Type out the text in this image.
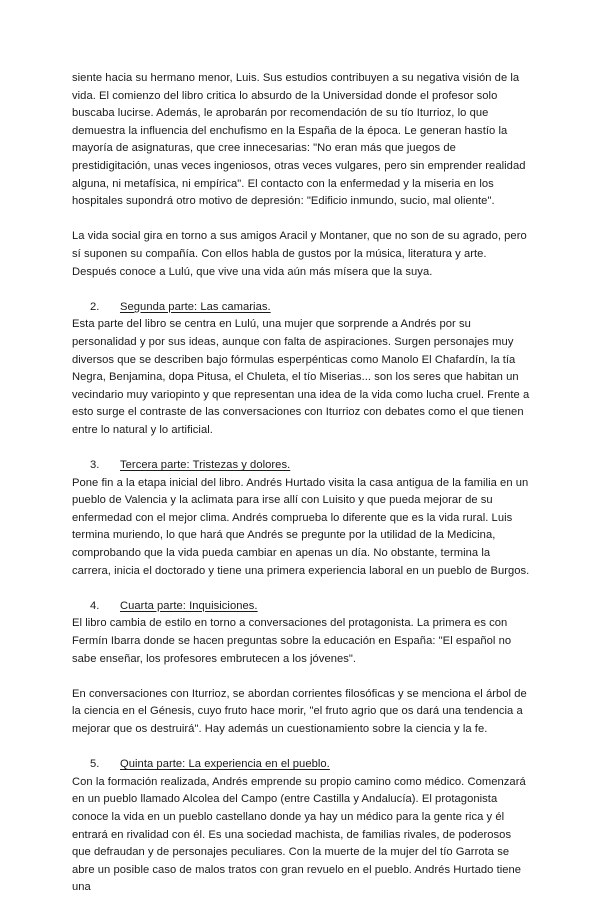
siente hacia su hermano menor, Luis. Sus estudios contribuyen a su negativa visión de la vida. El comienzo del libro critica lo absurdo de la Universidad donde el profesor solo buscaba lucirse. Además, le aprobarán por recomendación de su tío Iturrioz, lo que demuestra la influencia del enchufismo en la España de la época. Le generan hastío la mayoría de asignaturas, que cree innecesarias: "No eran más que juegos de prestidigitación, unas veces ingeniosos, otras veces vulgares, pero sin emprender realidad alguna, ni metafísica, ni empírica". El contacto con la enfermedad y la miseria en los hospitales supondrá otro motivo de depresión: "Edificio inmundo, sucio, mal oliente".

La vida social gira en torno a sus amigos Aracil y Montaner, que no son de su agrado, pero sí suponen su compañía. Con ellos habla de gustos por la música, literatura y arte. Después conoce a Lulú, que vive una vida aún más mísera que la suya.

2.	Segunda parte: Las camarias.

Esta parte del libro se centra en Lulú, una mujer que sorprende a Andrés por su personalidad y por sus ideas, aunque con falta de aspiraciones. Surgen personajes muy diversos que se describen bajo fórmulas esperpénticas como Manolo El Chafardín, la tía Negra, Benjamina, dopa Pitusa, el Chuleta, el tío Miserias... son los seres que habitan un vecindario muy variopinto y que representan una idea de la vida como lucha cruel. Frente a esto surge el contraste de las conversaciones con Iturrioz con debates como el que tienen entre lo natural y lo artificial.

3.	Tercera parte: Tristezas y dolores.

Pone fin a la etapa inicial del libro. Andrés Hurtado visita la casa antigua de la familia en un pueblo de Valencia y la aclimata para irse allí con Luisito y que pueda mejorar de su enfermedad con el mejor clima. Andrés comprueba lo diferente que es la vida rural. Luis termina muriendo, lo que hará que Andrés se pregunte por la utilidad de la Medicina, comprobando que la vida pueda cambiar en apenas un día. No obstante, termina la carrera, inicia el doctorado y tiene una primera experiencia laboral en un pueblo de Burgos.

4.	Cuarta parte: Inquisiciones.

El libro cambia de estilo en torno a conversaciones del protagonista. La primera es con Fermín Ibarra donde se hacen preguntas sobre la educación en España: "El español no sabe enseñar, los profesores embrutecen a los jóvenes".

En conversaciones con Iturrioz, se abordan corrientes filosóficas y se menciona el árbol de la ciencia en el Génesis, cuyo fruto hace morir, "el fruto agrio que os dará una tendencia a mejorar que os destruirá". Hay además un cuestionamiento sobre la ciencia y la fe.

5.	Quinta parte: La experiencia en el pueblo.

Con la formación realizada, Andrés emprende su propio camino como médico. Comenzará en un pueblo llamado Alcolea del Campo (entre Castilla y Andalucía). El protagonista conoce la vida en un pueblo castellano donde ya hay un médico para la gente rica y él entrará en rivalidad con él. Es una sociedad machista, de familias rivales, de poderosos que defraudan y de personajes peculiares. Con la muerte de la mujer del tío Garrota se abre un posible caso de malos tratos con gran revuelo en el pueblo. Andrés Hurtado tiene una
